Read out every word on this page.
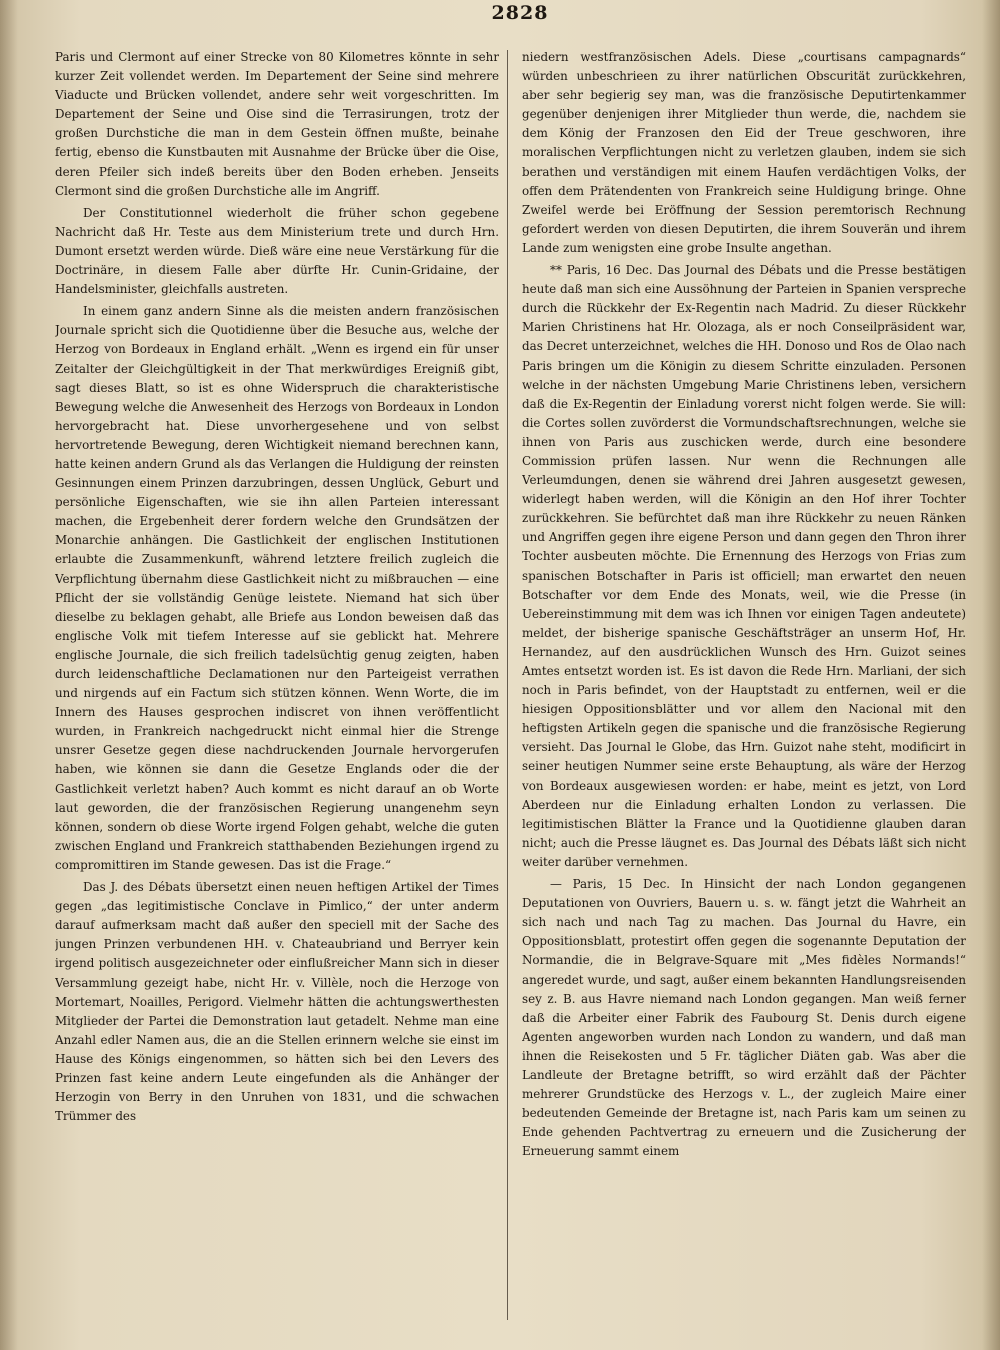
2828

Paris und Clermont auf einer Strecke von 80 Kilometres könnte in sehr kurzer Zeit vollendet werden. Im Departement der Seine sind mehrere Viaducte und Brücken vollendet, andere sehr weit vorgeschritten. Im Departement der Seine und Oise sind die Terrasirungen, trotz der großen Durchstiche die man in dem Gestein öffnen mußte, beinahe fertig, ebenso die Kunstbauten mit Ausnahme der Brücke über die Oise, deren Pfeiler sich indeß bereits über den Boden erheben. Jenseits Clermont sind die großen Durchstiche alle im Angriff.

Der Constitutionnel wiederholt die früher schon gegebene Nachricht daß Hr. Teste aus dem Ministerium trete und durch Hrn. Dumont ersetzt werden würde. Dieß wäre eine neue Verstärkung für die Doctrinäre, in diesem Falle aber dürfte Hr. Cunin-Gridaine, der Handelsminister, gleichfalls austreten.

In einem ganz andern Sinne als die meisten andern französischen Journale spricht sich die Quotidienne über die Besuche aus, welche der Herzog von Bordeaux in England erhält. „Wenn es irgend ein für unser Zeitalter der Gleichgültigkeit in der That merkwürdiges Ereigniß gibt, sagt dieses Blatt, so ist es ohne Widerspruch die charakteristische Bewegung welche die Anwesenheit des Herzogs von Bordeaux in London hervorgebracht hat. Diese unvorhergesehene und von selbst hervortretende Bewegung, deren Wichtigkeit niemand berechnen kann, hatte keinen andern Grund als das Verlangen die Huldigung der reinsten Gesinnungen einem Prinzen darzubringen, dessen Unglück, Geburt und persönliche Eigenschaften, wie sie ihn allen Parteien interessant machen, die Ergebenheit derer fordern welche den Grundsätzen der Monarchie anhängen. Die Gastlichkeit der englischen Institutionen erlaubte die Zusammenkunft, während letztere freilich zugleich die Verpflichtung übernahm diese Gastlichkeit nicht zu mißbrauchen — eine Pflicht der sie vollständig Genüge leistete. Niemand hat sich über dieselbe zu beklagen gehabt, alle Briefe aus London beweisen daß das englische Volk mit tiefem Interesse auf sie geblickt hat. Mehrere englische Journale, die sich freilich tadelsüchtig genug zeigten, haben durch leidenschaftliche Declamationen nur den Parteigeist verrathen und nirgends auf ein Factum sich stützen können. Wenn Worte, die im Innern des Hauses gesprochen indiscret von ihnen veröffentlicht wurden, in Frankreich nachgedruckt nicht einmal hier die Strenge unsrer Gesetze gegen diese nachdruckenden Journale hervorgerufen haben, wie können sie dann die Gesetze Englands oder die der Gastlichkeit verletzt haben? Auch kommt es nicht darauf an ob Worte laut geworden, die der französischen Regierung unangenehm seyn können, sondern ob diese Worte irgend Folgen gehabt, welche die guten zwischen England und Frankreich statthabenden Beziehungen irgend zu compromittiren im Stande gewesen. Das ist die Frage.“

Das J. des Débats übersetzt einen neuen heftigen Artikel der Times gegen „das legitimistische Conclave in Pimlico,“ der unter anderm darauf aufmerksam macht daß außer den speciell mit der Sache des jungen Prinzen verbundenen HH. v. Chateaubriand und Berryer kein irgend politisch ausgezeichneter oder einflußreicher Mann sich in dieser Versammlung gezeigt habe, nicht Hr. v. Villèle, noch die Herzoge von Mortemart, Noailles, Perigord. Vielmehr hätten die achtungswerthesten Mitglieder der Partei die Demonstration laut getadelt. Nehme man eine Anzahl edler Namen aus, die an die Stellen erinnern welche sie einst im Hause des Königs eingenommen, so hätten sich bei den Levers des Prinzen fast keine andern Leute eingefunden als die Anhänger der Herzogin von Berry in den Unruhen von 1831, und die schwachen Trümmer des

niedern westfranzösischen Adels. Diese „courtisans campagnards“ würden unbeschrieen zu ihrer natürlichen Obscurität zurückkehren, aber sehr begierig sey man, was die französische Deputirtenkammer gegenüber denjenigen ihrer Mitglieder thun werde, die, nachdem sie dem König der Franzosen den Eid der Treue geschworen, ihre moralischen Verpflichtungen nicht zu verletzen glauben, indem sie sich berathen und verständigen mit einem Haufen verdächtigen Volks, der offen dem Prätendenten von Frankreich seine Huldigung bringe. Ohne Zweifel werde bei Eröffnung der Session peremtorisch Rechnung gefordert werden von diesen Deputirten, die ihrem Souverän und ihrem Lande zum wenigsten eine grobe Insulte angethan.

** Paris, 16 Dec. Das Journal des Débats und die Presse bestätigen heute daß man sich eine Aussöhnung der Parteien in Spanien verspreche durch die Rückkehr der Ex-Regentin nach Madrid. Zu dieser Rückkehr Marien Christinens hat Hr. Olozaga, als er noch Conseilpräsident war, das Decret unterzeichnet, welches die HH. Donoso und Ros de Olao nach Paris bringen um die Königin zu diesem Schritte einzuladen. Personen welche in der nächsten Umgebung Marie Christinens leben, versichern daß die Ex-Regentin der Einladung vorerst nicht folgen werde. Sie will: die Cortes sollen zuvörderst die Vormundschaftsrechnungen, welche sie ihnen von Paris aus zuschicken werde, durch eine besondere Commission prüfen lassen. Nur wenn die Rechnungen alle Verleumdungen, denen sie während drei Jahren ausgesetzt gewesen, widerlegt haben werden, will die Königin an den Hof ihrer Tochter zurückkehren. Sie befürchtet daß man ihre Rückkehr zu neuen Ränken und Angriffen gegen ihre eigene Person und dann gegen den Thron ihrer Tochter ausbeuten möchte. Die Ernennung des Herzogs von Frias zum spanischen Botschafter in Paris ist officiell; man erwartet den neuen Botschafter vor dem Ende des Monats, weil, wie die Presse (in Uebereinstimmung mit dem was ich Ihnen vor einigen Tagen andeutete) meldet, der bisherige spanische Geschäftsträger an unserm Hof, Hr. Hernandez, auf den ausdrücklichen Wunsch des Hrn. Guizot seines Amtes entsetzt worden ist. Es ist davon die Rede Hrn. Marliani, der sich noch in Paris befindet, von der Hauptstadt zu entfernen, weil er die hiesigen Oppositionsblätter und vor allem den Nacional mit den heftigsten Artikeln gegen die spanische und die französische Regierung versieht. Das Journal le Globe, das Hrn. Guizot nahe steht, modificirt in seiner heutigen Nummer seine erste Behauptung, als wäre der Herzog von Bordeaux ausgewiesen worden: er habe, meint es jetzt, von Lord Aberdeen nur die Einladung erhalten London zu verlassen. Die legitimistischen Blätter la France und la Quotidienne glauben daran nicht; auch die Presse läugnet es. Das Journal des Débats läßt sich nicht weiter darüber vernehmen.

— Paris, 15 Dec. In Hinsicht der nach London gegangenen Deputationen von Ouvriers, Bauern u. s. w. fängt jetzt die Wahrheit an sich nach und nach Tag zu machen. Das Journal du Havre, ein Oppositionsblatt, protestirt offen gegen die sogenannte Deputation der Normandie, die in Belgrave-Square mit „Mes fidèles Normands!“ angeredet wurde, und sagt, außer einem bekannten Handlungsreisenden sey z. B. aus Havre niemand nach London gegangen. Man weiß ferner daß die Arbeiter einer Fabrik des Faubourg St. Denis durch eigene Agenten angeworben wurden nach London zu wandern, und daß man ihnen die Reisekosten und 5 Fr. täglicher Diäten gab. Was aber die Landleute der Bretagne betrifft, so wird erzählt daß der Pächter mehrerer Grundstücke des Herzogs v. L., der zugleich Maire einer bedeutenden Gemeinde der Bretagne ist, nach Paris kam um seinen zu Ende gehenden Pachtvertrag zu erneuern und die Zusicherung der Erneuerung sammt einem
